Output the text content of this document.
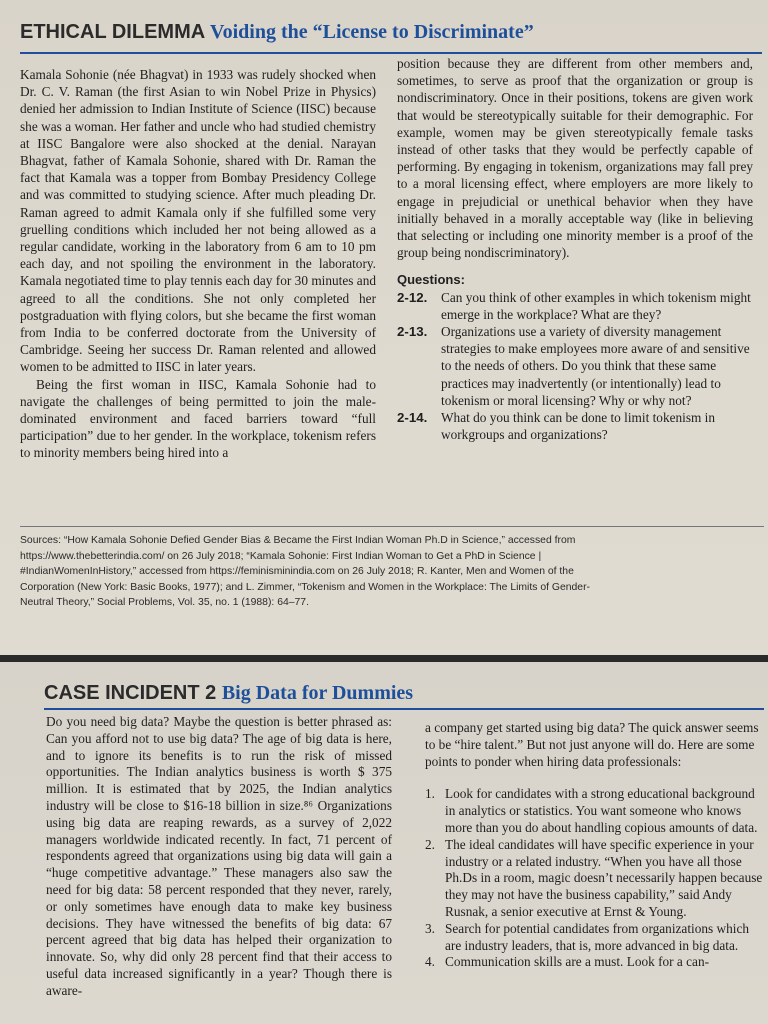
ETHICAL DILEMMA Voiding the “License to Discriminate”

Kamala Sohonie (née Bhagvat) in 1933 was rudely shocked when Dr. C. V. Raman (the first Asian to win Nobel Prize in Physics) denied her admission to Indian Institute of Science (IISC) because she was a woman. Her father and uncle who had studied chemistry at IISC Bangalore were also shocked at the denial. Narayan Bhagvat, father of Kamala Sohonie, shared with Dr. Raman the fact that Kamala was a topper from Bombay Presidency College and was committed to studying science. After much pleading Dr. Raman agreed to admit Kamala only if she fulfilled some very gruelling conditions which included her not being allowed as a regular candidate, working in the laboratory from 6 am to 10 pm each day, and not spoiling the environment in the laboratory. Kamala negotiated time to play tennis each day for 30 minutes and agreed to all the conditions. She not only completed her postgraduation with flying colors, but she became the first woman from India to be conferred doctorate from the University of Cambridge. Seeing her success Dr. Raman relented and allowed women to be admitted to IISC in later years.

Being the first woman in IISC, Kamala Sohonie had to navigate the challenges of being permitted to join the male-dominated environment and faced barriers toward “full participation” due to her gender. In the workplace, tokenism refers to minority members being hired into a

position because they are different from other members and, sometimes, to serve as proof that the organization or group is nondiscriminatory. Once in their positions, tokens are given work that would be stereotypically suitable for their demographic. For example, women may be given stereotypically female tasks instead of other tasks that they would be perfectly capable of performing. By engaging in tokenism, organizations may fall prey to a moral licensing effect, where employers are more likely to engage in prejudicial or unethical behavior when they have initially behaved in a morally acceptable way (like in believing that selecting or including one minority member is a proof of the group being nondiscriminatory).

Questions:
2-12.	Can you think of other examples in which tokenism might emerge in the workplace? What are they?
2-13.	Organizations use a variety of diversity management strategies to make employees more aware of and sensitive to the needs of others. Do you think that these same practices may inadvertently (or intentionally) lead to tokenism or moral licensing? Why or why not?
2-14.	What do you think can be done to limit tokenism in workgroups and organizations?
Sources: “How Kamala Sohonie Defied Gender Bias & Became the First Indian Woman Ph.D in Science,” accessed from https://www.thebetterindia.com/ on 26 July 2018; “Kamala Sohonie: First Indian Woman to Get a PhD in Science | #IndianWomenInHistory,” accessed from https://feminisminindia.com on 26 July 2018; R. Kanter, Men and Women of the Corporation (New York: Basic Books, 1977); and L. Zimmer, “Tokenism and Women in the Workplace: The Limits of Gender-Neutral Theory,” Social Problems, Vol. 35, no. 1 (1988): 64–77.
CASE INCIDENT 2 Big Data for Dummies

Do you need big data? Maybe the question is better phrased as: Can you afford not to use big data? The age of big data is here, and to ignore its benefits is to run the risk of missed opportunities. The Indian analytics business is worth $ 375 million. It is estimated that by 2025, the Indian analytics industry will be close to $16-18 billion in size.⁸⁶ Organizations using big data are reaping rewards, as a survey of 2,022 managers worldwide indicated recently. In fact, 71 percent of respondents agreed that organizations using big data will gain a “huge competitive advantage.” These managers also saw the need for big data: 58 percent responded that they never, rarely, or only sometimes have enough data to make key business decisions. They have witnessed the benefits of big data: 67 percent agreed that big data has helped their organization to innovate. So, why did only 28 percent find that their access to useful data increased significantly in a year? Though there is aware-

a company get started using big data? The quick answer seems to be “hire talent.” But not just anyone will do. Here are some points to ponder when hiring data professionals:

1. Look for candidates with a strong educational background in analytics or statistics. You want someone who knows more than you do about handling copious amounts of data.
2. The ideal candidates will have specific experience in your industry or a related industry. “When you have all those Ph.Ds in a room, magic doesn’t necessarily happen because they may not have the business capability,” said Andy Rusnak, a senior executive at Ernst & Young.
3. Search for potential candidates from organizations which are industry leaders, that is, more advanced in big data.
4. Communication skills are a must. Look for a can-
